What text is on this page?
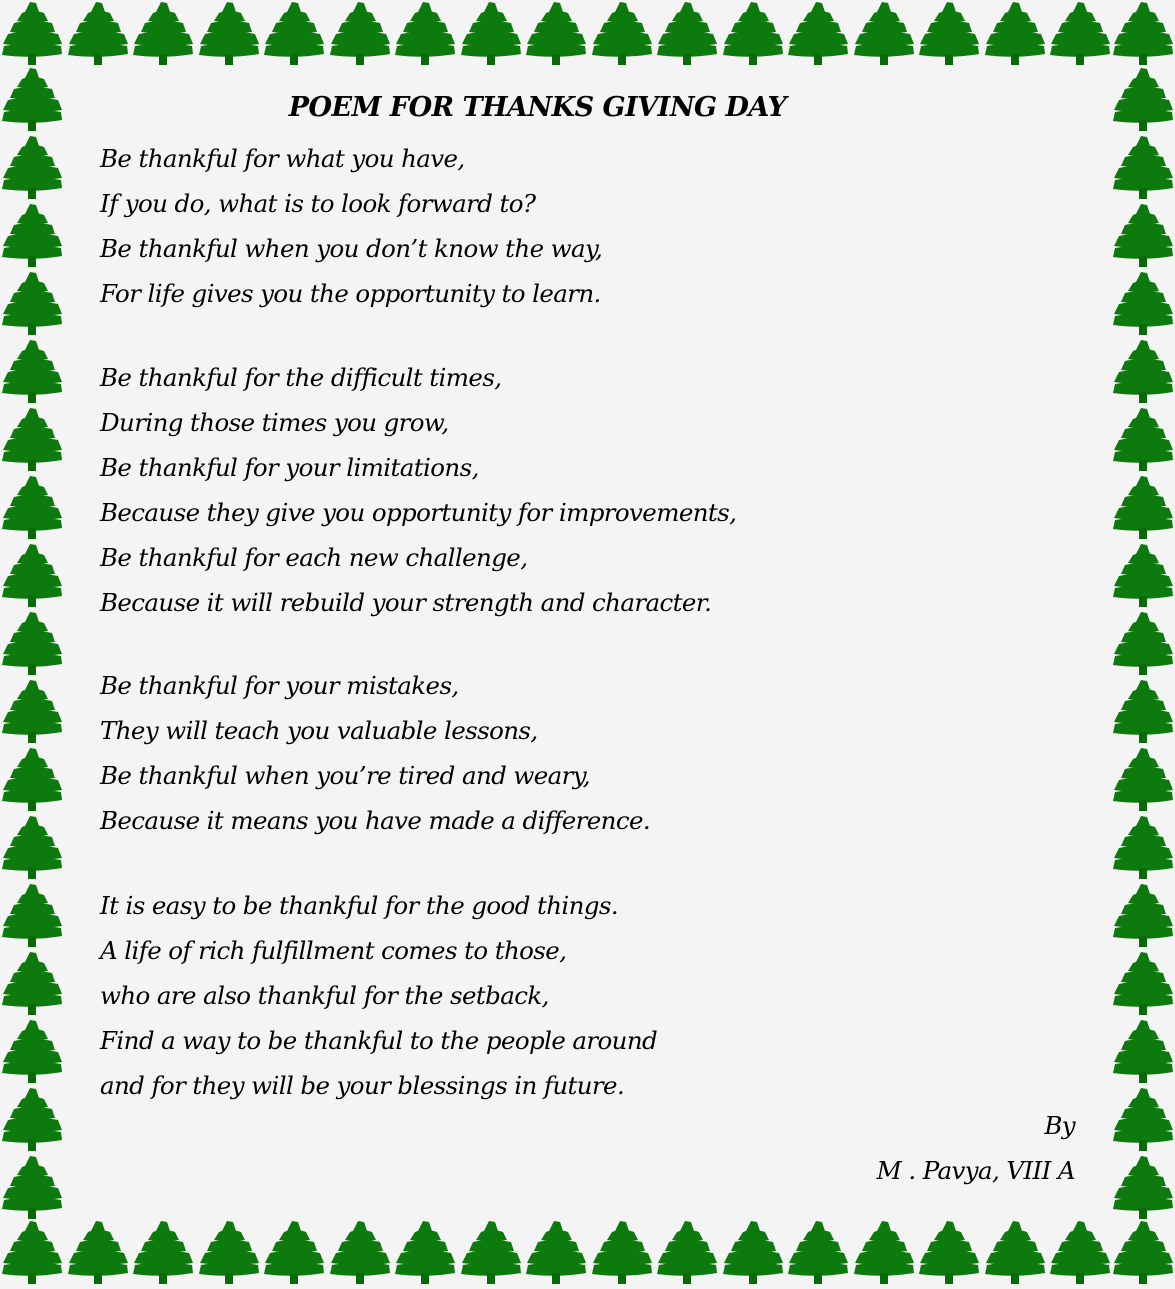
POEM FOR THANKS GIVING DAY
Be thankful for what you have,
If you do, what is to look forward to?
Be thankful when you don’t know the way,
For life gives you the opportunity to learn.
Be thankful for the difficult times,
During those times you grow,
Be thankful for your limitations,
Because they give you opportunity for improvements,
Be thankful for each new challenge,
Because it will rebuild your strength and character.
Be thankful for your mistakes,
They will teach you valuable lessons,
Be thankful when you’re tired and weary,
Because it means you have made a difference.
It is easy to be thankful for the good things.
A life of rich fulfillment comes to those,
who are also thankful for the setback,
Find a way to be thankful to the people around
and for they will be your blessings in future.
By
M . Pavya, VIII A
